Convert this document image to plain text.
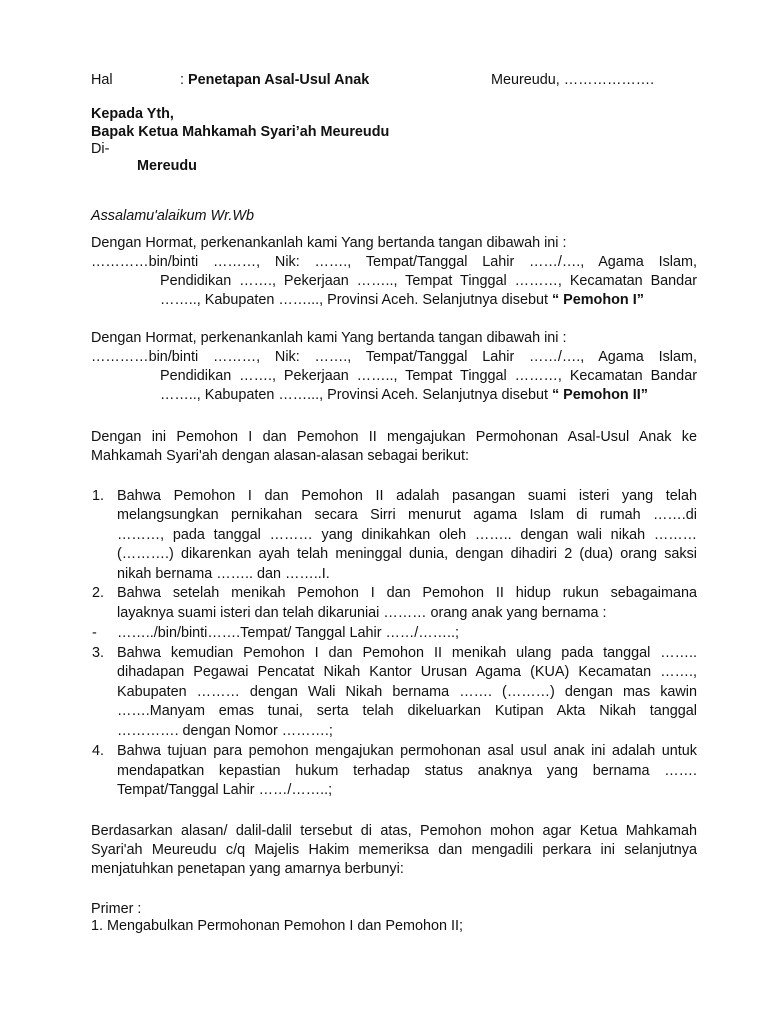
Hal	: Penetapan Asal-Usul Anak	Meureudu, ……………….
Kepada Yth,
Bapak Ketua Mahkamah Syari’ah Meureudu
Di-
Mereudu
Assalamu'alaikum Wr.Wb
Dengan Hormat, perkenankanlah kami Yang bertanda tangan dibawah ini :
…………bin/binti ………, Nik: ……., Tempat/Tanggal Lahir ……/…., Agama Islam,
Pendidikan ……., Pekerjaan …….., Tempat Tinggal ………, Kecamatan Bandar
…….., Kabupaten ……..., Provinsi Aceh. Selanjutnya disebut “ Pemohon I”
Dengan Hormat, perkenankanlah kami Yang bertanda tangan dibawah ini :
…………bin/binti ………, Nik: ……., Tempat/Tanggal Lahir ……/…., Agama Islam,
Pendidikan ……., Pekerjaan …….., Tempat Tinggal ………, Kecamatan Bandar
…….., Kabupaten ……..., Provinsi Aceh. Selanjutnya disebut “ Pemohon II”
Dengan ini Pemohon I dan Pemohon II mengajukan Permohonan Asal-Usul Anak ke
Mahkamah Syari'ah dengan alasan-alasan sebagai berikut:
1. Bahwa Pemohon I dan Pemohon II adalah pasangan suami isteri yang telah
melangsungkan pernikahan secara Sirri menurut agama Islam di rumah …….di
………, pada tanggal ……… yang dinikahkan oleh …….. dengan wali nikah ………
(……….) dikarenkan ayah telah meninggal dunia, dengan dihadiri 2 (dua) orang saksi
nikah bernama …….. dan ……..I.
2. Bahwa setelah menikah Pemohon I dan Pemohon II hidup rukun sebagaimana
layaknya suami isteri dan telah dikaruniai ……… orang anak yang bernama :
- ……../bin/binti…….Tempat/ Tanggal Lahir ……/……..;
3. Bahwa kemudian Pemohon I dan Pemohon II menikah ulang pada tanggal ……..
dihadapan Pegawai Pencatat Nikah Kantor Urusan Agama (KUA) Kecamatan …….,
Kabupaten ……… dengan Wali Nikah bernama ……. (………) dengan mas kawin
…….Manyam emas tunai, serta telah dikeluarkan Kutipan Akta Nikah tanggal
…………. dengan Nomor ……….;
4. Bahwa tujuan para pemohon mengajukan permohonan asal usul anak ini adalah untuk
mendapatkan kepastian hukum terhadap status anaknya yang bernama …….
Tempat/Tanggal Lahir ……/……..;
Berdasarkan alasan/ dalil-dalil tersebut di atas, Pemohon mohon agar Ketua Mahkamah
Syari'ah Meureudu c/q Majelis Hakim memeriksa dan mengadili perkara ini selanjutnya
menjatuhkan penetapan yang amarnya berbunyi:
Primer :
1. Mengabulkan Permohonan Pemohon I dan Pemohon II;
